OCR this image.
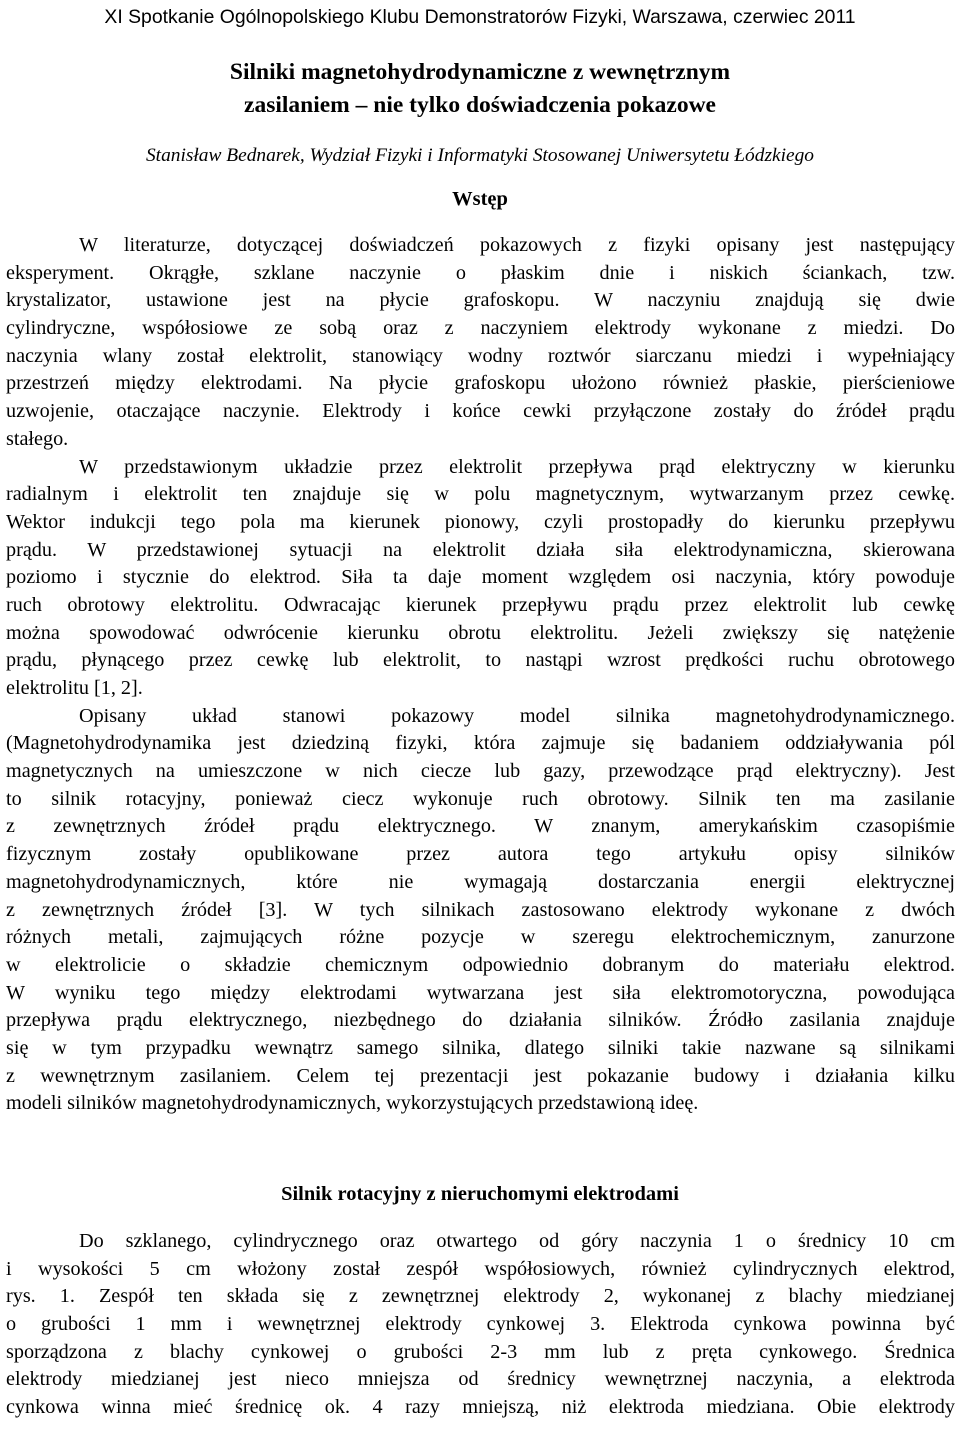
XI Spotkanie Ogólnopolskiego Klubu Demonstratorów Fizyki, Warszawa, czerwiec 2011
Silniki magnetohydrodynamiczne z wewnętrznym
zasilaniem – nie tylko doświadczenia pokazowe
Stanisław Bednarek, Wydział Fizyki i Informatyki Stosowanej Uniwersytetu Łódzkiego
Wstęp
W literaturze, dotyczącej doświadczeń pokazowych z fizyki opisany jest następujący
eksperyment. Okrągłe, szklane naczynie o płaskim dnie i niskich ściankach, tzw.
krystalizator, ustawione jest na płycie grafoskopu. W naczyniu znajdują się dwie
cylindryczne, współosiowe ze sobą oraz z naczyniem elektrody wykonane z miedzi. Do
naczynia wlany został elektrolit, stanowiący wodny roztwór siarczanu miedzi i wypełniający
przestrzeń między elektrodami. Na płycie grafoskopu ułożono również płaskie, pierścieniowe
uzwojenie, otaczające naczynie. Elektrody i końce cewki przyłączone zostały do źródeł prądu
stałego.
W przedstawionym układzie przez elektrolit przepływa prąd elektryczny w kierunku
radialnym i elektrolit ten znajduje się w polu magnetycznym, wytwarzanym przez cewkę.
Wektor indukcji tego pola ma kierunek pionowy, czyli prostopadły do kierunku przepływu
prądu. W przedstawionej sytuacji na elektrolit działa siła elektrodynamiczna, skierowana
poziomo i stycznie do elektrod. Siła ta daje moment względem osi naczynia, który powoduje
ruch obrotowy elektrolitu. Odwracając kierunek przepływu prądu przez elektrolit lub cewkę
można spowodować odwrócenie kierunku obrotu elektrolitu. Jeżeli zwiększy się natężenie
prądu, płynącego przez cewkę lub elektrolit, to nastąpi wzrost prędkości ruchu obrotowego
elektrolitu [1, 2].
Opisany układ stanowi pokazowy model silnika magnetohydrodynamicznego.
(Magnetohydrodynamika jest dziedziną fizyki, która zajmuje się badaniem oddziaływania pól
magnetycznych na umieszczone w nich ciecze lub gazy, przewodzące prąd elektryczny). Jest
to silnik rotacyjny, ponieważ ciecz wykonuje ruch obrotowy. Silnik ten ma zasilanie
z zewnętrznych źródeł prądu elektrycznego. W znanym, amerykańskim czasopiśmie
fizycznym zostały opublikowane przez autora tego artykułu opisy silników
magnetohydrodynamicznych, które nie wymagają dostarczania energii elektrycznej
z zewnętrznych źródeł [3]. W tych silnikach zastosowano elektrody wykonane z dwóch
różnych metali, zajmujących różne pozycje w szeregu elektrochemicznym, zanurzone
w elektrolicie o składzie chemicznym odpowiednio dobranym do materiału elektrod.
W wyniku tego między elektrodami wytwarzana jest siła elektromotoryczna, powodująca
przepływa prądu elektrycznego, niezbędnego do działania silników. Źródło zasilania znajduje
się w tym przypadku wewnątrz samego silnika, dlatego silniki takie nazwane są silnikami
z wewnętrznym zasilaniem. Celem tej prezentacji jest pokazanie budowy i działania kilku
modeli silników magnetohydrodynamicznych, wykorzystujących przedstawioną ideę.
Silnik rotacyjny z nieruchomymi elektrodami
Do szklanego, cylindrycznego oraz otwartego od góry naczynia 1 o średnicy 10 cm
i wysokości 5 cm włożony został zespół współosiowych, również cylindrycznych elektrod,
rys. 1. Zespół ten składa się z zewnętrznej elektrody 2, wykonanej z blachy miedzianej
o grubości 1 mm i wewnętrznej elektrody cynkowej 3. Elektroda cynkowa powinna być
sporządzona z blachy cynkowej o grubości 2-3 mm lub z pręta cynkowego. Średnica
elektrody miedzianej jest nieco mniejsza od średnicy wewnętrznej naczynia, a elektroda
cynkowa winna mieć średnicę ok. 4 razy mniejszą, niż elektroda miedziana. Obie elektrody
